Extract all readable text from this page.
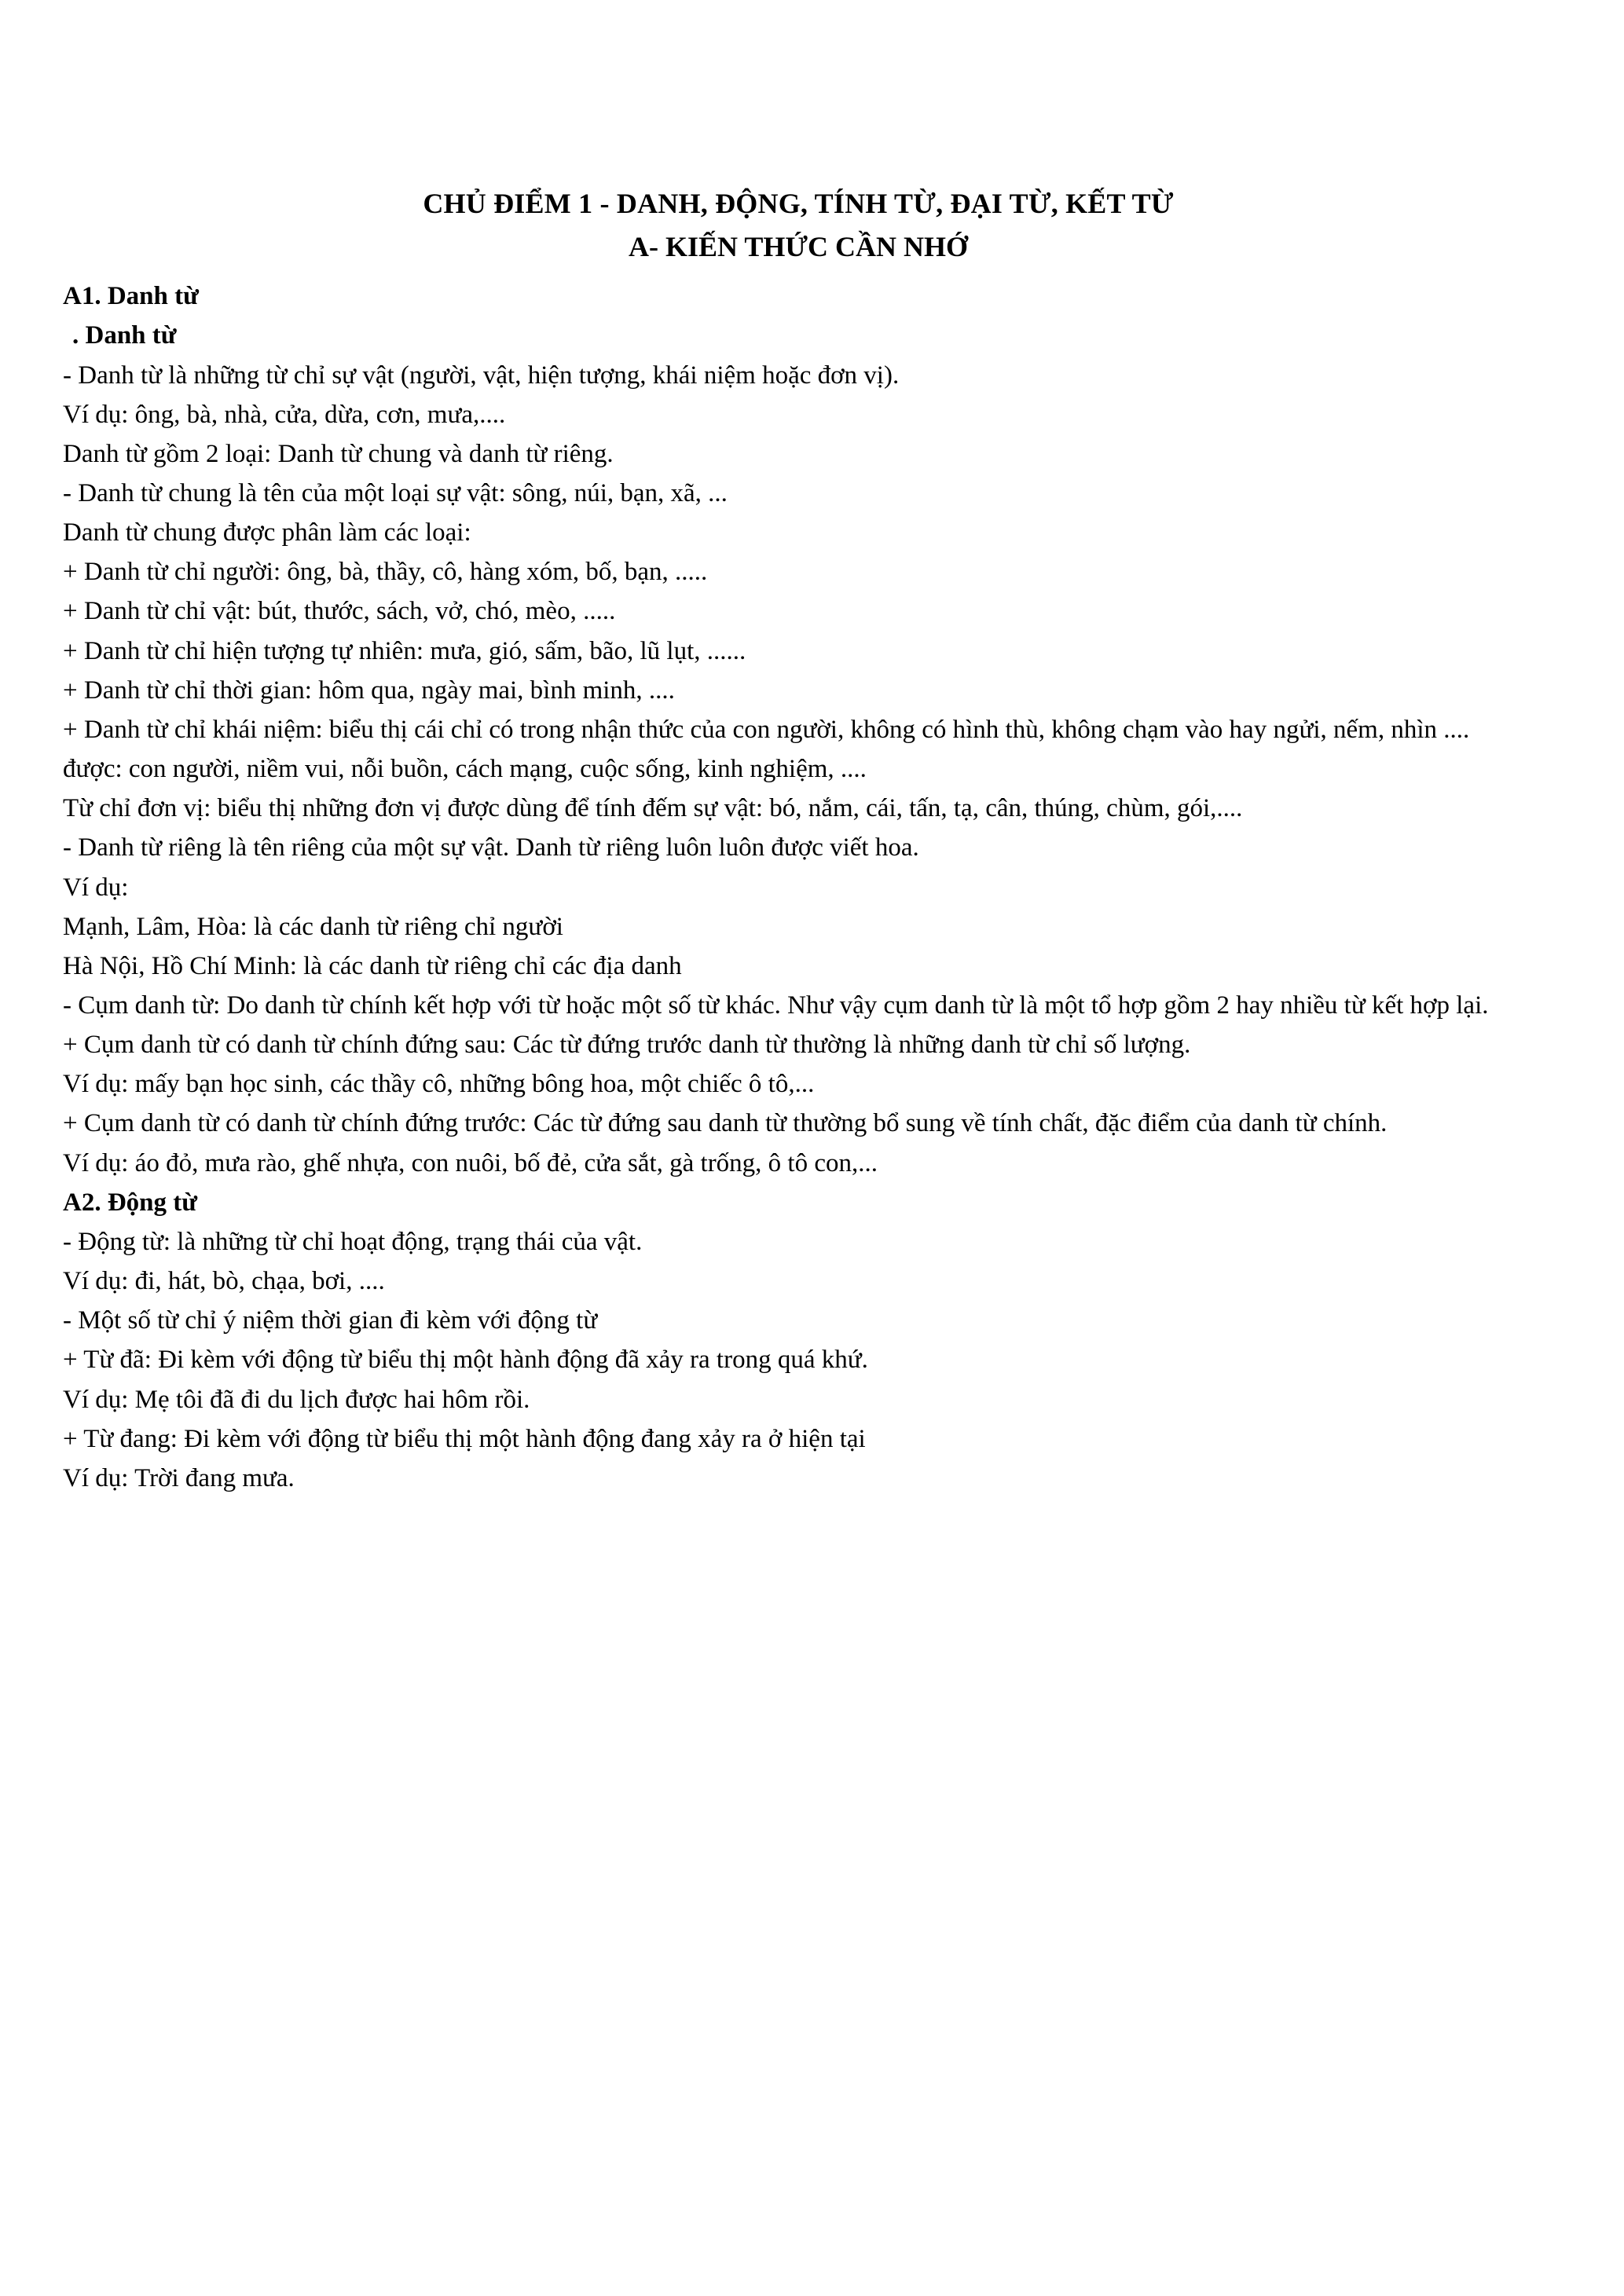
CHỦ ĐIỂM 1 - DANH, ĐỘNG, TÍNH TỪ, ĐẠI TỪ, KẾT TỪ
A- KIẾN THỨC CẦN NHỚ

A1. Danh từ

. Danh từ

- Danh từ là những từ chỉ sự vật (người, vật, hiện tượng, khái niệm hoặc đơn vị).

Ví dụ: ông, bà, nhà, cửa, dừa, cơn, mưa,....

Danh từ gồm 2 loại: Danh từ chung và danh từ riêng.

- Danh từ chung là tên của một loại sự vật: sông, núi, bạn, xã, ...

Danh từ chung được phân làm các loại:

+ Danh từ chỉ người: ông, bà, thầy, cô, hàng xóm, bố, bạn, .....

+ Danh từ chỉ vật: bút, thước, sách, vở, chó, mèo, .....

+ Danh từ chỉ hiện tượng tự nhiên: mưa, gió, sấm, bão, lũ lụt, ......

+ Danh từ chỉ thời gian: hôm qua, ngày mai, bình minh, ....

+ Danh từ chỉ khái niệm: biểu thị cái chỉ có trong nhận thức của con người, không có hình thù, không chạm vào hay ngửi, nếm, nhìn .... được: con người, niềm vui, nỗi buồn, cách mạng, cuộc sống, kinh nghiệm, ....

Từ chỉ đơn vị: biểu thị những đơn vị được dùng để tính đếm sự vật: bó, nắm, cái, tấn, tạ, cân, thúng, chùm, gói,....

- Danh từ riêng là tên riêng của một sự vật. Danh từ riêng luôn luôn được viết hoa.

Ví dụ:

Mạnh, Lâm, Hòa: là các danh từ riêng chỉ người

Hà Nội, Hồ Chí Minh: là các danh từ riêng chỉ các địa danh

- Cụm danh từ: Do danh từ chính kết hợp với từ hoặc một số từ khác. Như vậy cụm danh từ là một tổ hợp gồm 2 hay nhiều từ kết hợp lại.

+ Cụm danh từ có danh từ chính đứng sau: Các từ đứng trước danh từ thường là những danh từ chỉ số lượng.

Ví dụ: mấy bạn học sinh, các thầy cô, những bông hoa, một chiếc ô tô,...

+ Cụm danh từ có danh từ chính đứng trước: Các từ đứng sau danh từ thường bổ sung về tính chất, đặc điểm của danh từ chính.

Ví dụ: áo đỏ, mưa rào, ghế nhựa, con nuôi, bố đẻ, cửa sắt, gà trống, ô tô con,...

A2. Động từ

- Động từ: là những từ chỉ hoạt động, trạng thái của vật.

Ví dụ: đi, hát, bò, chạa, bơi, ....

- Một số từ chỉ ý niệm thời gian đi kèm với động từ

+ Từ đã: Đi kèm với động từ biểu thị một hành động đã xảy ra trong quá khứ.

Ví dụ: Mẹ tôi đã đi du lịch được hai hôm rồi.

+ Từ đang: Đi kèm với động từ biểu thị một hành động đang xảy ra ở hiện tại

Ví dụ: Trời đang mưa.
